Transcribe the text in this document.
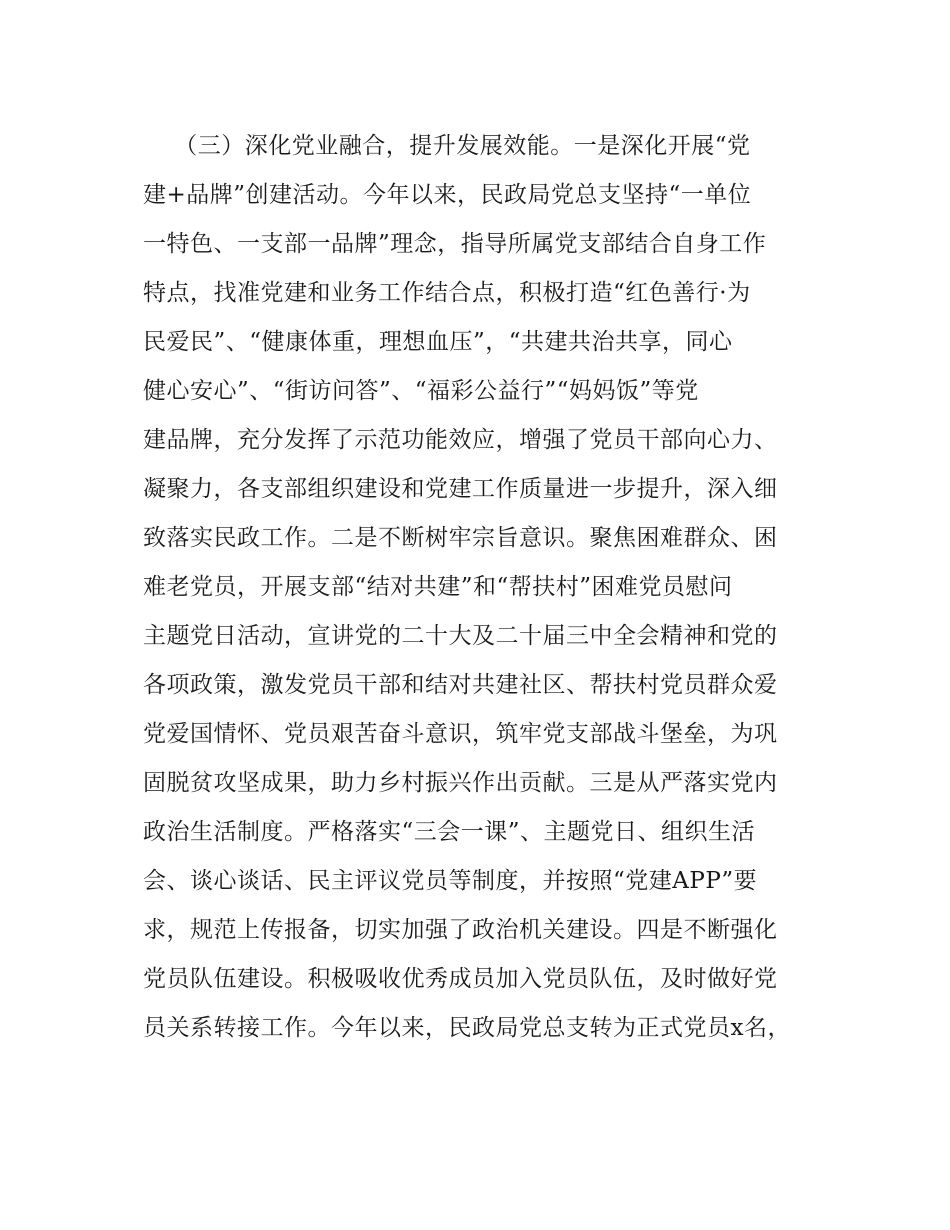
（三）深化党业融合，提升发展效能。一是深化开展“党
建+品牌”创建活动。今年以来，民政局党总支坚持“一单位
一特色、一支部一品牌”理念，指导所属党支部结合自身工作
特点，找准党建和业务工作结合点，积极打造“红色善行·为
民爱民”、“健康体重，理想血压”，“共建共治共享，同心
健心安心”、“街访问答”、“福彩公益行”“妈妈饭”等党
建品牌，充分发挥了示范功能效应，增强了党员干部向心力、
凝聚力，各支部组织建设和党建工作质量进一步提升，深入细
致落实民政工作。二是不断树牢宗旨意识。聚焦困难群众、困
难老党员，开展支部“结对共建”和“帮扶村”困难党员慰问
主题党日活动，宣讲党的二十大及二十届三中全会精神和党的
各项政策，激发党员干部和结对共建社区、帮扶村党员群众爱
党爱国情怀、党员艰苦奋斗意识，筑牢党支部战斗堡垒，为巩
固脱贫攻坚成果，助力乡村振兴作出贡献。三是从严落实党内
政治生活制度。严格落实“三会一课”、主题党日、组织生活
会、谈心谈话、民主评议党员等制度，并按照“党建APP”要
求，规范上传报备，切实加强了政治机关建设。四是不断强化
党员队伍建设。积极吸收优秀成员加入党员队伍，及时做好党
员关系转接工作。今年以来，民政局党总支转为正式党员x名，
